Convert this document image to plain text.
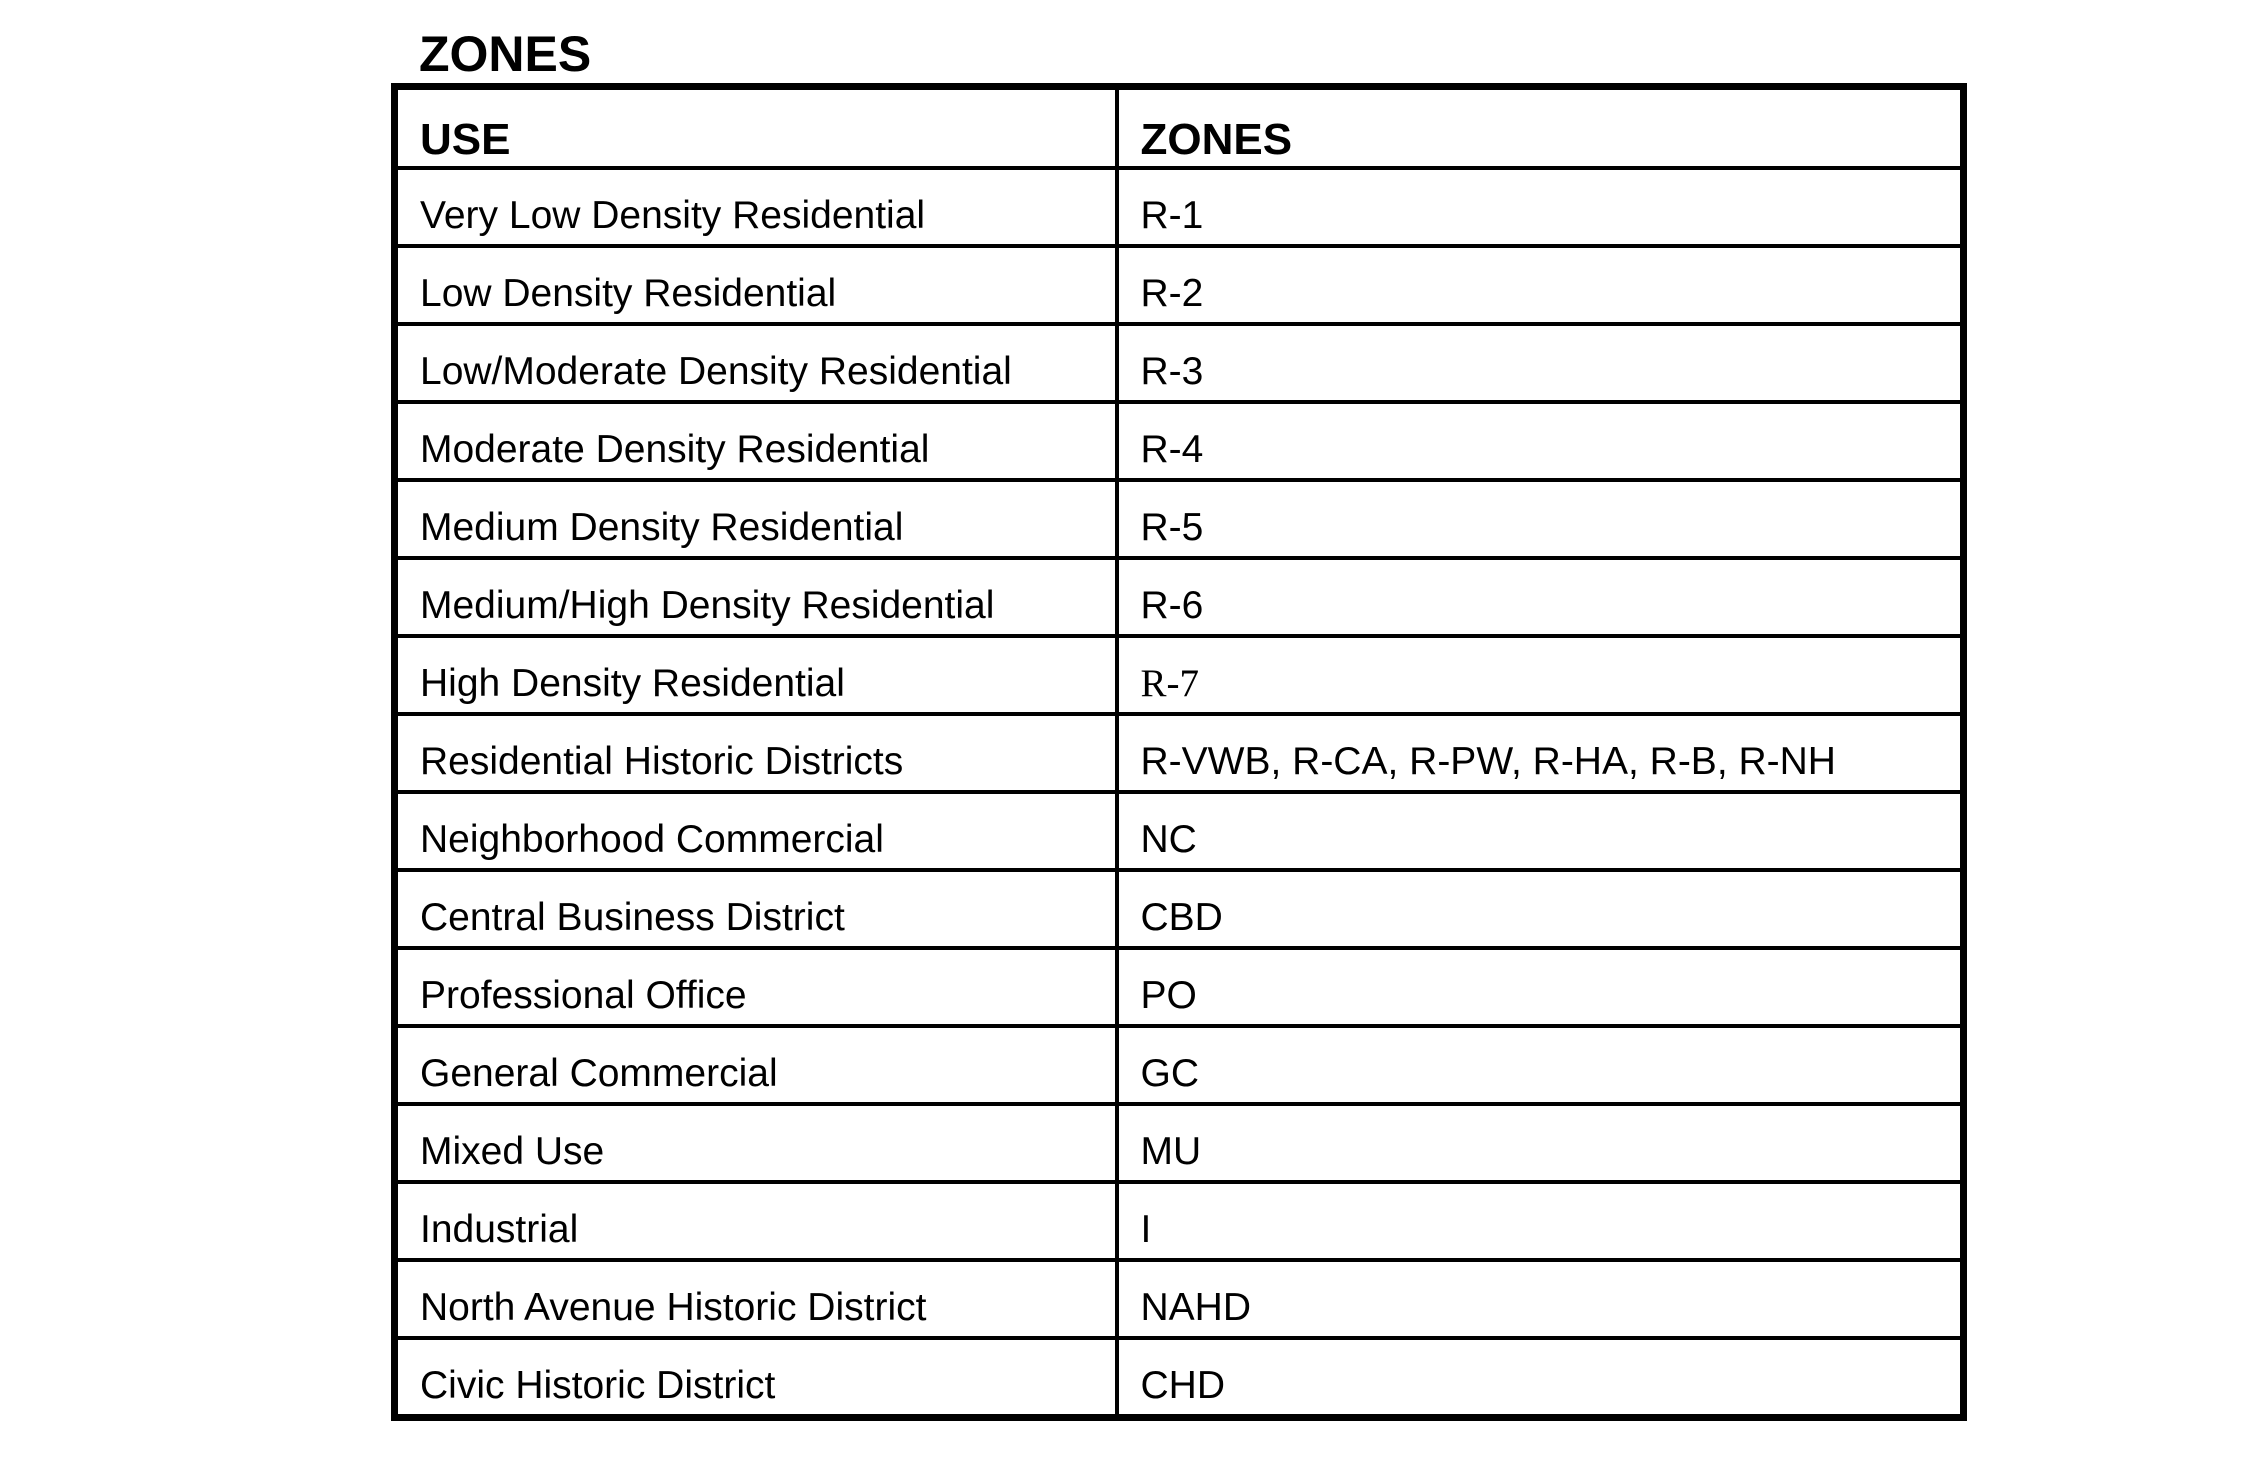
ZONES
USE	ZONES
Very Low Density Residential	R-1
Low Density Residential	R-2
Low/Moderate Density Residential	R-3
Moderate Density Residential	R-4
Medium Density Residential	R-5
Medium/High Density Residential	R-6
High Density Residential	R-7
Residential Historic Districts	R-VWB, R-CA, R-PW, R-HA, R-B, R-NH
Neighborhood Commercial	NC
Central Business District	CBD
Professional Office	PO
General Commercial	GC
Mixed Use	MU
Industrial	I
North Avenue Historic District	NAHD
Civic Historic District	CHD
